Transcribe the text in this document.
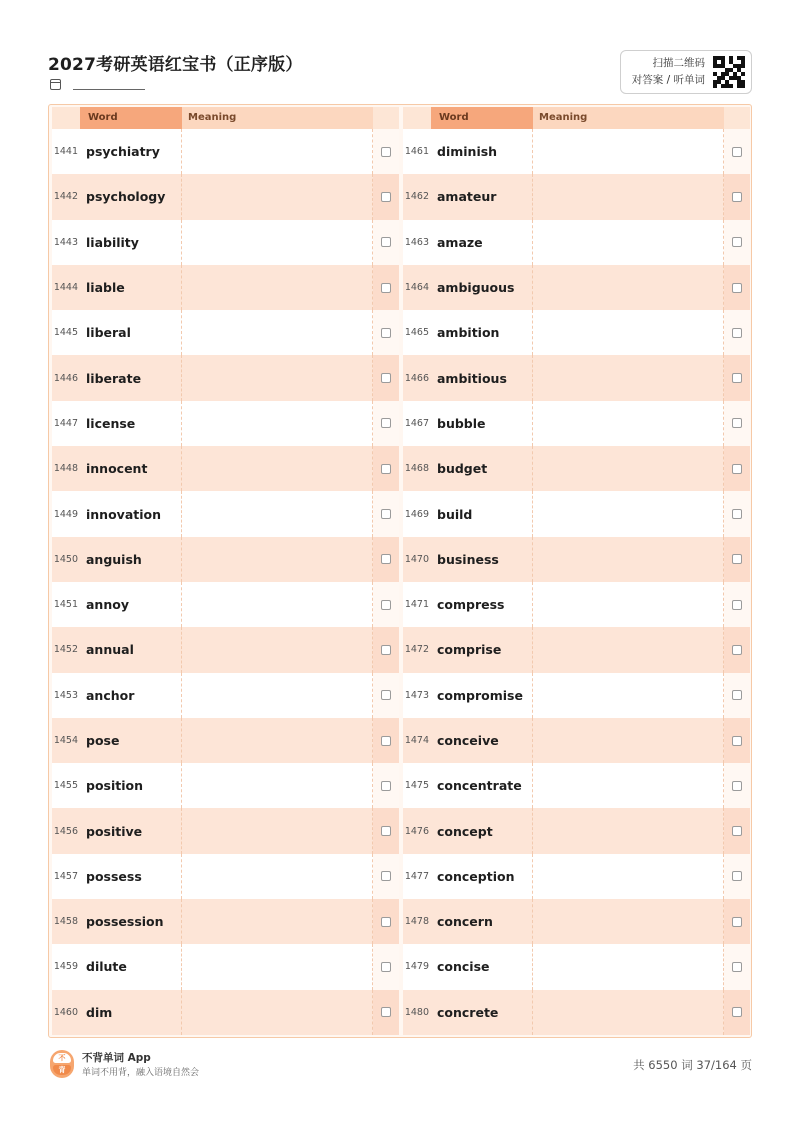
2027考研英语红宝书（正序版）	扫描二维码
对答案 / 听单词
Word	Meaning
1441 psychiatry
1442 psychology
1443 liability
1444 liable
1445 liberal
1446 liberate
1447 license
1448 innocent
1449 innovation
1450 anguish
1451 annoy
1452 annual
1453 anchor
1454 pose
1455 position
1456 positive
1457 possess
1458 possession
1459 dilute
1460 dim
Word	Meaning
1461 diminish
1462 amateur
1463 amaze
1464 ambiguous
1465 ambition
1466 ambitious
1467 bubble
1468 budget
1469 build
1470 business
1471 compress
1472 comprise
1473 compromise
1474 conceive
1475 concentrate
1476 concept
1477 conception
1478 concern
1479 concise
1480 concrete
不
背
不背单词 App
单词不用背，融入语境自然会
共 6550 词 37/164 页
